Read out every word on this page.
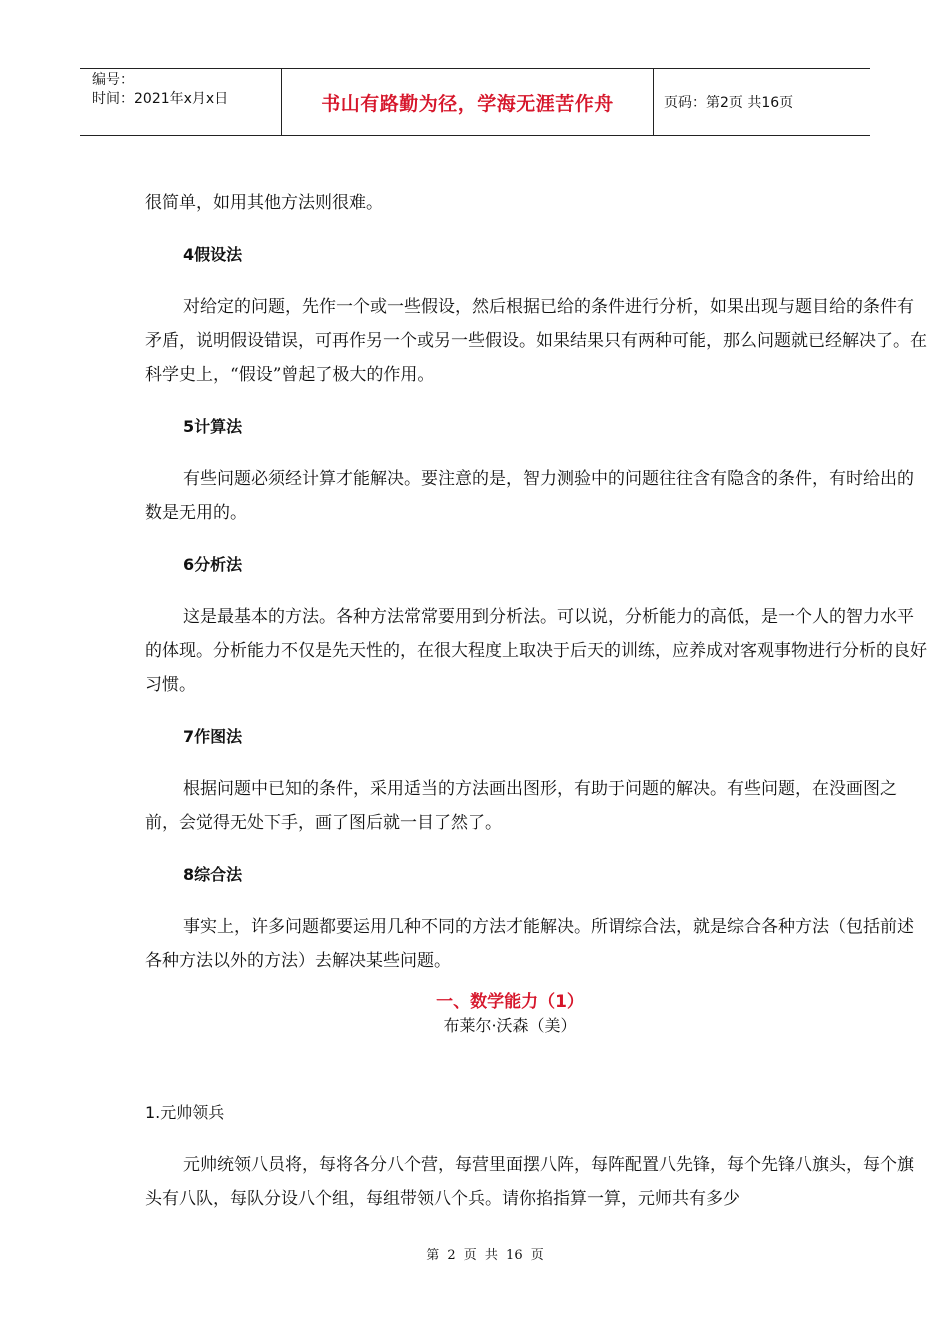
编号：
时间：2021年x月x日	书山有路勤为径，学海无涯苦作舟	页码：第2页 共16页

很简单，如用其他方法则很难。

4假设法

对给定的问题，先作一个或一些假设，然后根据已给的条件进行分析，如果出现与题目给的条件有矛盾，说明假设错误，可再作另一个或另一些假设。如果结果只有两种可能，那么问题就已经解决了。在科学史上，“假设”曾起了极大的作用。

5计算法

有些问题必须经计算才能解决。要注意的是，智力测验中的问题往往含有隐含的条件，有时给出的数是无用的。

6分析法

这是最基本的方法。各种方法常常要用到分析法。可以说，分析能力的高低，是一个人的智力水平的体现。分析能力不仅是先天性的，在很大程度上取决于后天的训练，应养成对客观事物进行分析的良好习惯。

7作图法

根据问题中已知的条件，采用适当的方法画出图形，有助于问题的解决。有些问题，在没画图之前，会觉得无处下手，画了图后就一目了然了。

8综合法

事实上，许多问题都要运用几种不同的方法才能解决。所谓综合法，就是综合各种方法（包括前述各种方法以外的方法）去解决某些问题。

一、数学能力（1）
布莱尔·沃森（美）

1.元帅领兵

元帅统领八员将，每将各分八个营，每营里面摆八阵，每阵配置八先锋，每个先锋八旗头，每个旗头有八队，每队分设八个组，每组带领八个兵。请你掐指算一算，元师共有多少

第 2 页 共 16 页
